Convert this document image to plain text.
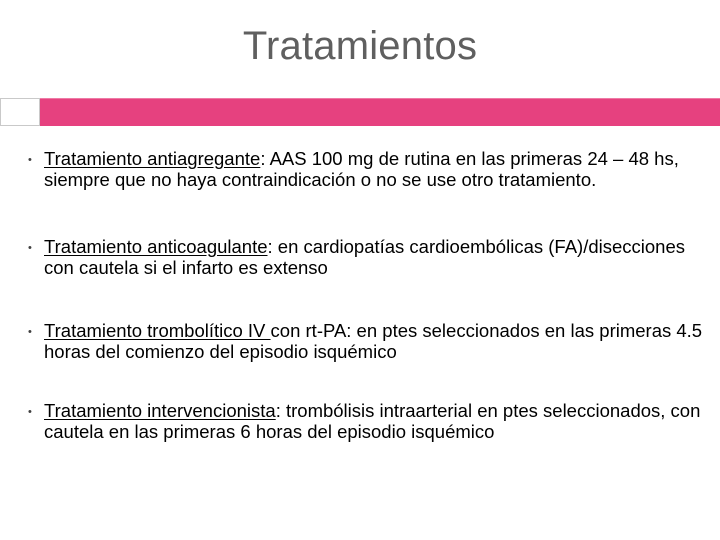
Tratamientos
• Tratamiento antiagregante: AAS 100 mg de rutina en las primeras 24 – 48 hs, siempre que no haya contraindicación o no se use otro tratamiento.
• Tratamiento anticoagulante: en cardiopatías cardioembólicas (FA)/disecciones con cautela si el infarto es extenso
• Tratamiento trombolítico IV con rt-PA: en ptes seleccionados en las primeras 4.5 horas del comienzo del episodio isquémico
• Tratamiento intervencionista: trombólisis intraarterial en ptes seleccionados, con cautela en las primeras 6 horas del episodio isquémico
